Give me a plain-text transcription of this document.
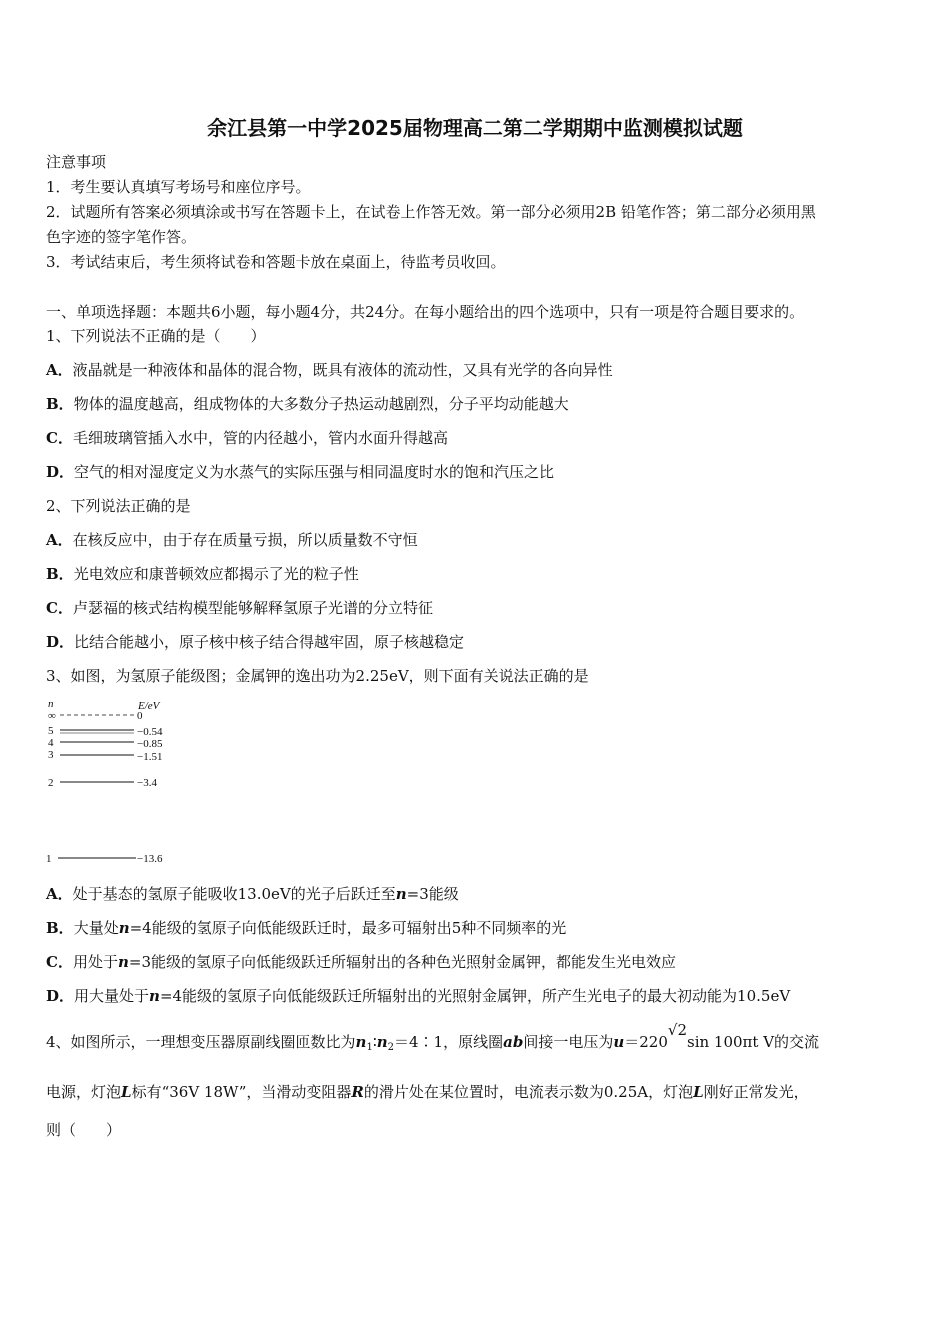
余江县第一中学2025届物理高二第二学期期中监测模拟试题
注意事项
1．考生要认真填写考场号和座位序号。
2．试题所有答案必须填涂或书写在答题卡上，在试卷上作答无效。第一部分必须用2B 铅笔作答；第二部分必须用黑
色字迹的签字笔作答。
3．考试结束后，考生须将试卷和答题卡放在桌面上，待监考员收回。
一、单项选择题：本题共6小题，每小题4分，共24分。在每小题给出的四个选项中，只有一项是符合题目要求的。
1、下列说法不正确的是（　　）
A．液晶就是一种液体和晶体的混合物，既具有液体的流动性，又具有光学的各向异性
B．物体的温度越高，组成物体的大多数分子热运动越剧烈，分子平均动能越大
C．毛细玻璃管插入水中，管的内径越小，管内水面升得越高
D．空气的相对湿度定义为水蒸气的实际压强与相同温度时水的饱和汽压之比
2、下列说法正确的是
A．在核反应中，由于存在质量亏损，所以质量数不守恒
B．光电效应和康普顿效应都揭示了光的粒子性
C．卢瑟福的核式结构模型能够解释氢原子光谱的分立特征
D．比结合能越小，原子核中核子结合得越牢固，原子核越稳定
3、如图，为氢原子能级图；金属钾的逸出功为2.25eV，则下面有关说法正确的是
n	E/eV
∞	0
5	−0.54
4	−0.85
3	−1.51
2	−3.4
1	−13.6
A．处于基态的氢原子能吸收13.0eV的光子后跃迁至n=3能级
B．大量处n=4能级的氢原子向低能级跃迁时，最多可辐射出5种不同频率的光
C．用处于n=3能级的氢原子向低能级跃迁所辐射出的各种色光照射金属钾，都能发生光电效应
D．用大量处于n=4能级的氢原子向低能级跃迁所辐射出的光照射金属钾，所产生光电子的最大初动能为10.5eV
4、如图所示，一理想变压器原副线圈匝数比为$n_1∶n_2=4∶1$，原线圈ab间接一电压为u＝220√2sin 100πt V的交流
电源，灯泡L标有“36V 18W”，当滑动变阻器R的滑片处在某位置时，电流表示数为0.25A，灯泡L刚好正常发光，
则（　　）
